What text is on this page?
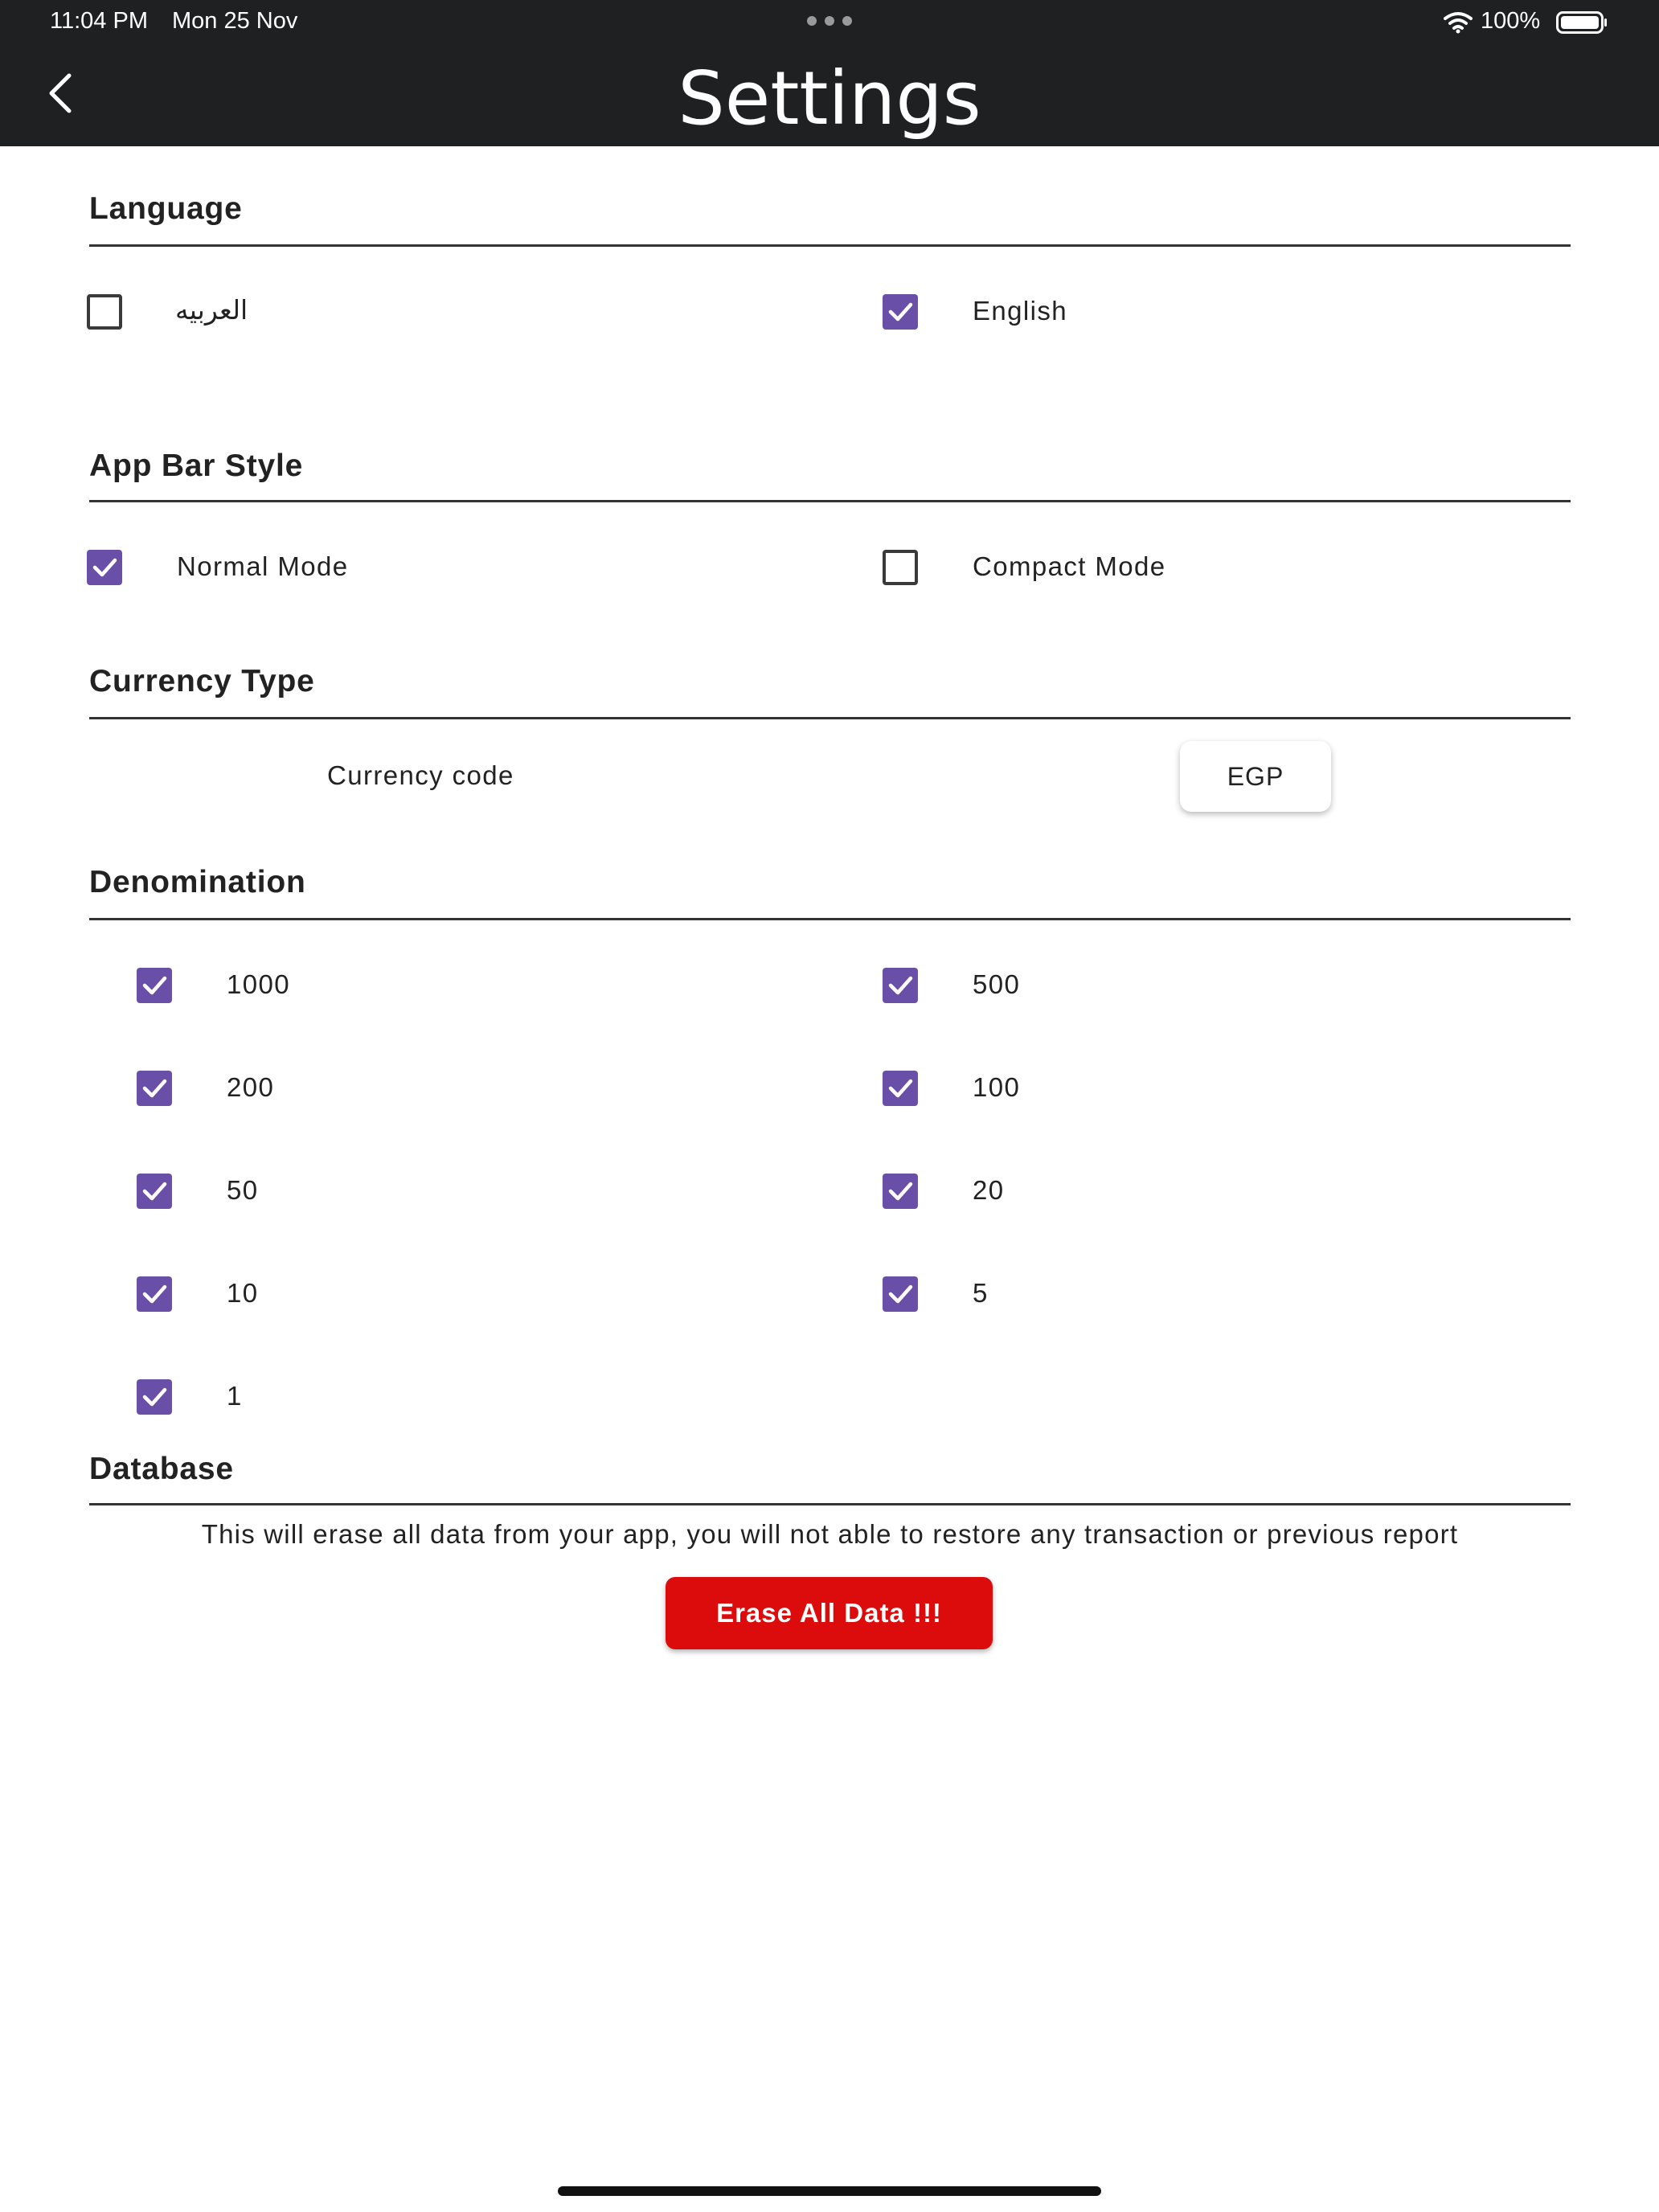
11:04 PM Mon 25 Nov	100%
Settings
Language
العربيه	English
App Bar Style
Normal Mode	Compact Mode
Currency Type
Currency code	EGP
Denomination
1000	500
200	100
50	20
10	5
1
Database
This will erase all data from your app, you will not able to restore any transaction or previous report
Erase All Data !!!
